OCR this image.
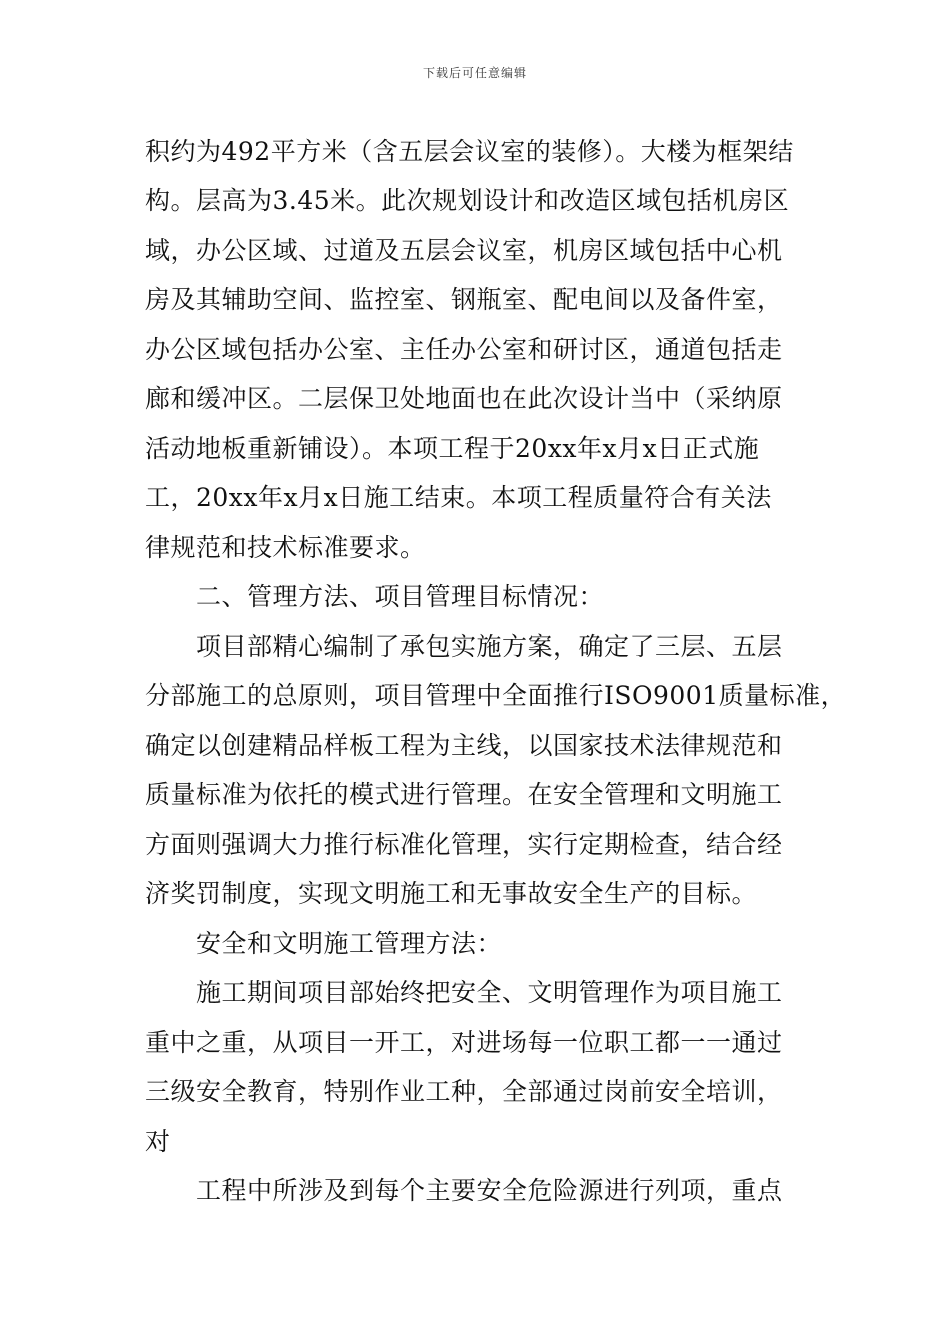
下载后可任意编辑
积约为492平方米（含五层会议室的装修）。大楼为框架结
构。层高为3.45米。此次规划设计和改造区域包括机房区
域，办公区域、过道及五层会议室，机房区域包括中心机
房及其辅助空间、监控室、钢瓶室、配电间以及备件室，
办公区域包括办公室、主任办公室和研讨区，通道包括走
廊和缓冲区。二层保卫处地面也在此次设计当中（采纳原
活动地板重新铺设）。本项工程于20xx年x月x日正式施
工，20xx年x月x日施工结束。本项工程质量符合有关法
律规范和技术标准要求。
二、管理方法、项目管理目标情况：
项目部精心编制了承包实施方案，确定了三层、五层
分部施工的总原则，项目管理中全面推行ISO9001质量标准，
确定以创建精品样板工程为主线，以国家技术法律规范和
质量标准为依托的模式进行管理。在安全管理和文明施工
方面则强调大力推行标准化管理，实行定期检查，结合经
济奖罚制度，实现文明施工和无事故安全生产的目标。
安全和文明施工管理方法：
施工期间项目部始终把安全、文明管理作为项目施工
重中之重，从项目一开工，对进场每一位职工都一一通过
三级安全教育，特别作业工种，全部通过岗前安全培训，
对
工程中所涉及到每个主要安全危险源进行列项，重点
